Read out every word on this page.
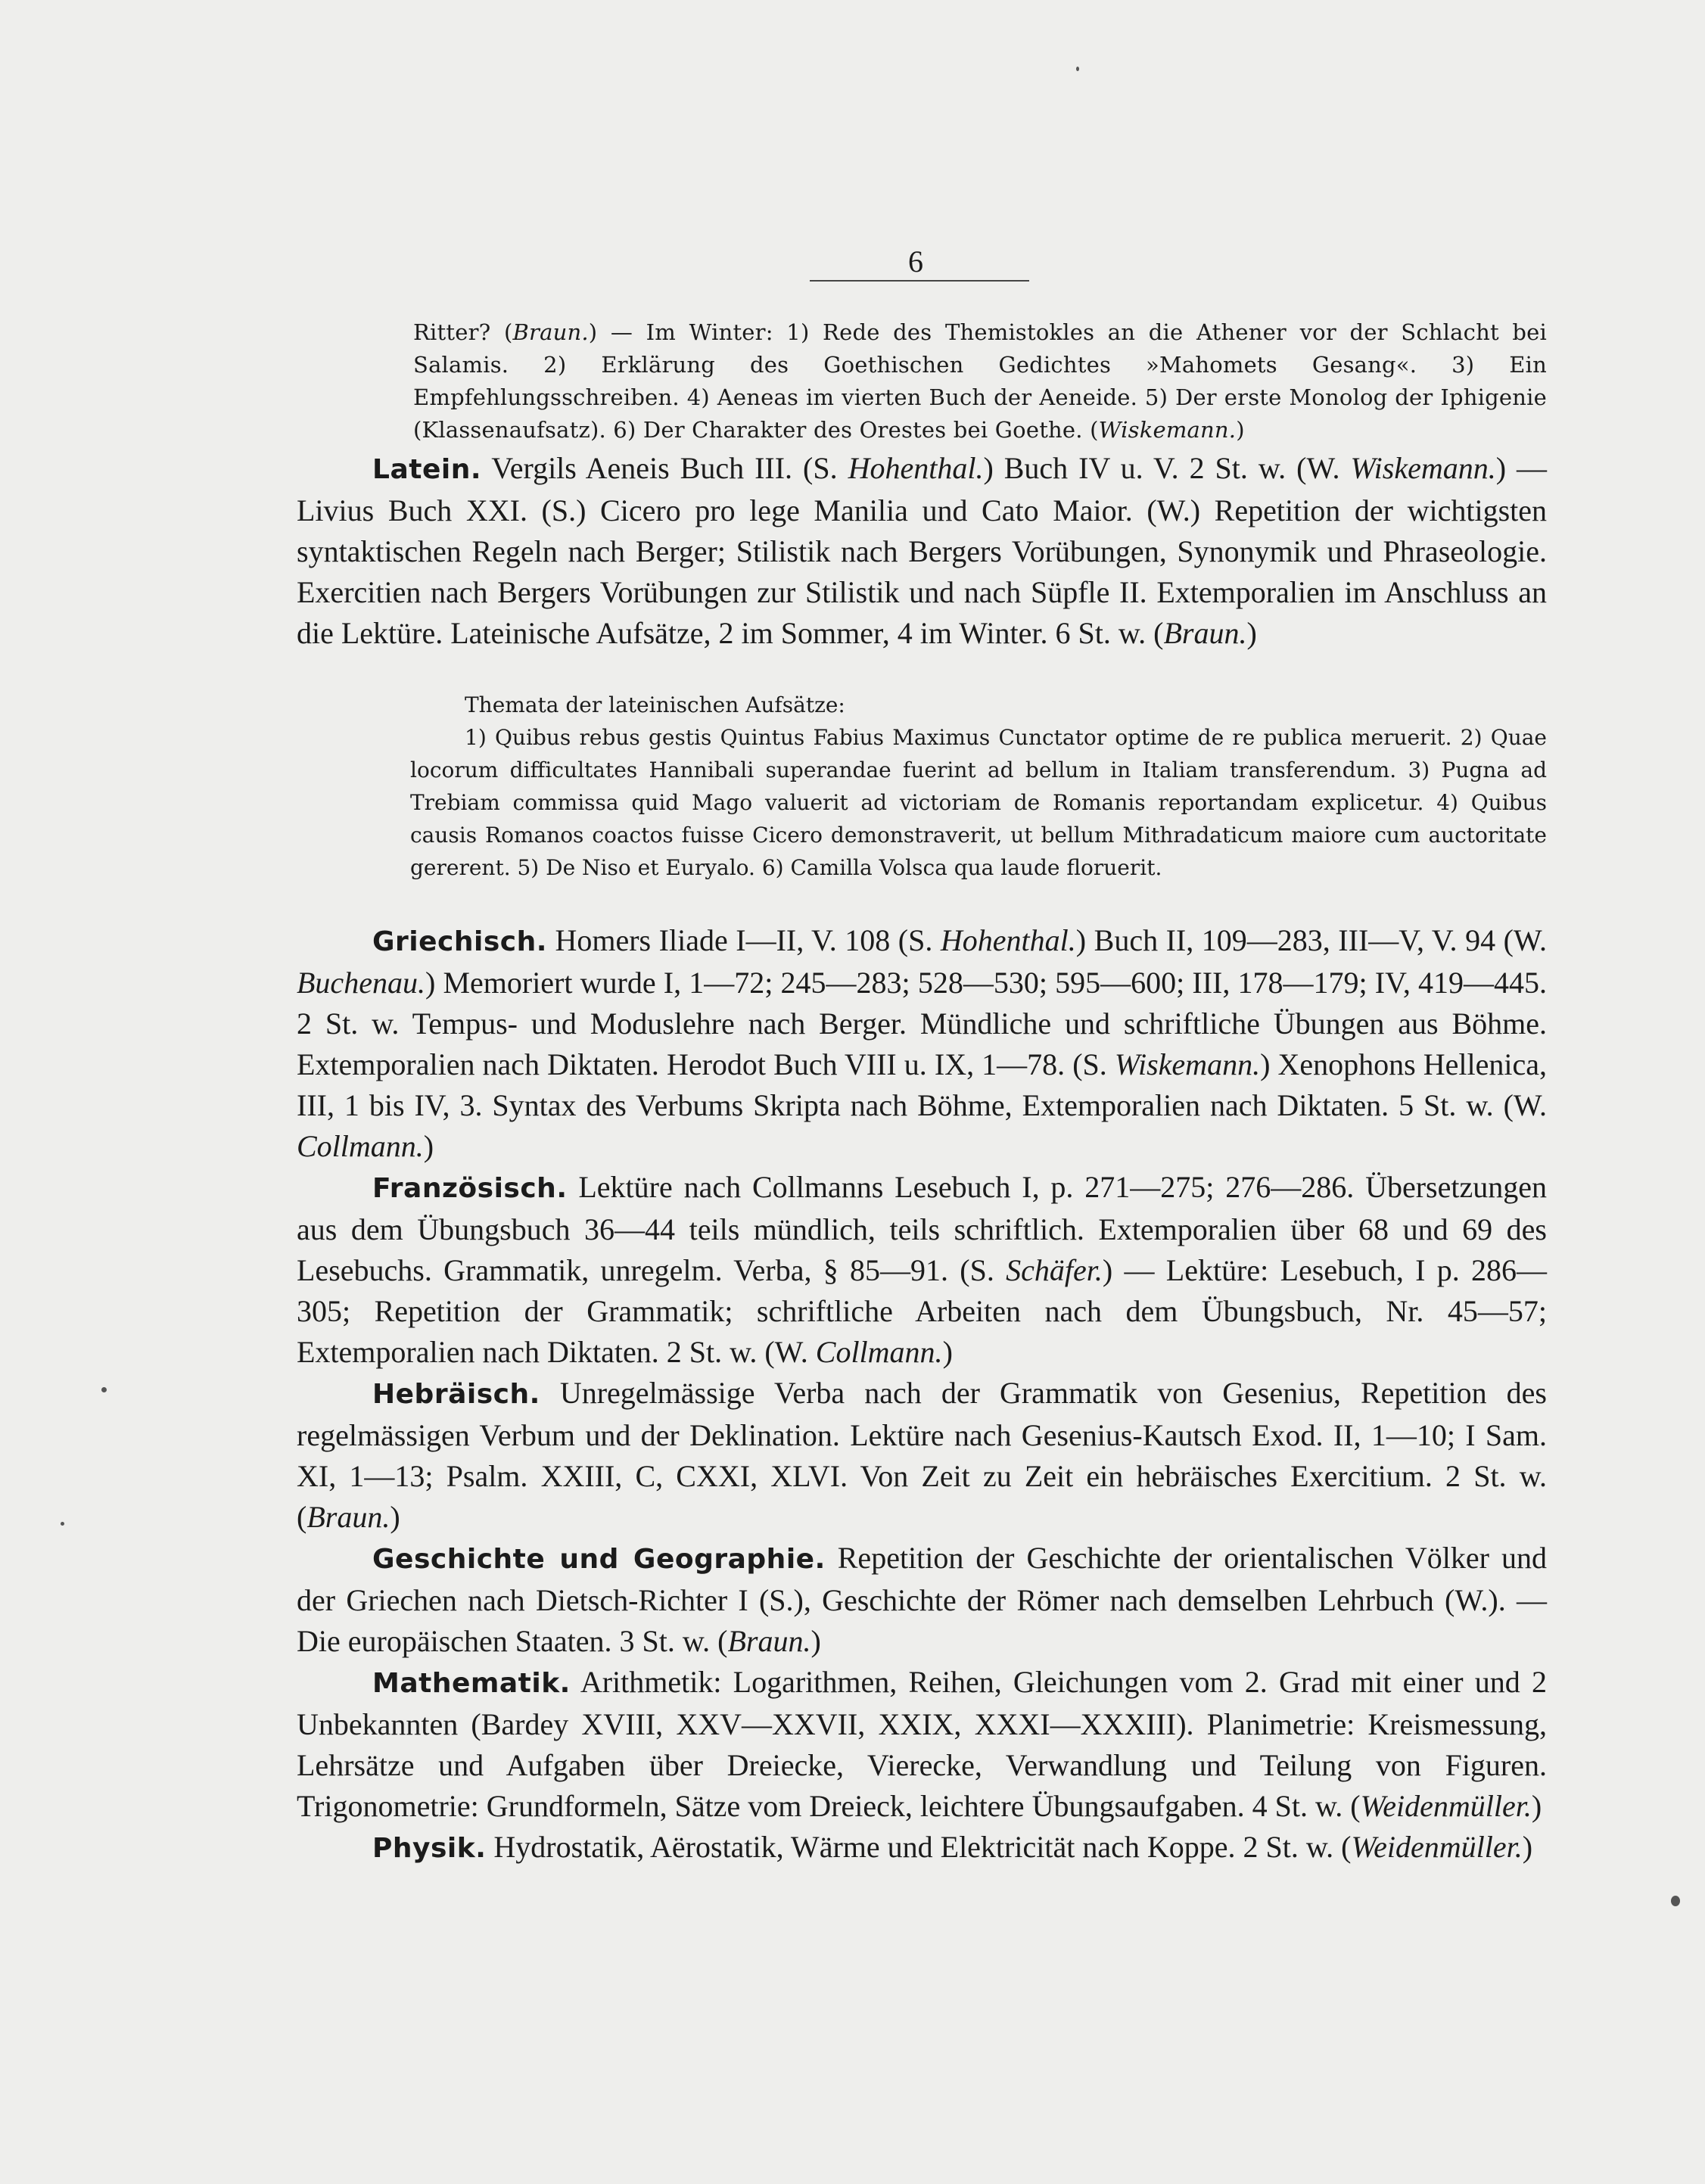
6
Ritter? (Braun.) — Im Winter: 1) Rede des Themistokles an die Athener vor der Schlacht bei Salamis. 2) Erklärung des Goethischen Gedichtes »Mahomets Gesang«. 3) Ein Empfehlungsschreiben. 4) Aeneas im vierten Buch der Aeneide. 5) Der erste Monolog der Iphigenie (Klassenaufsatz). 6) Der Charakter des Orestes bei Goethe. (Wiskemann.)

Latein. Vergils Aeneis Buch III. (S. Hohenthal.) Buch IV u. V. 2 St. w. (W. Wiskemann.) — Livius Buch XXI. (S.) Cicero pro lege Manilia und Cato Maior. (W.) Repetition der wichtigsten syntaktischen Regeln nach Berger; Stilistik nach Bergers Vorübungen, Synonymik und Phraseologie. Exercitien nach Bergers Vorübungen zur Stilistik und nach Süpfle II. Extemporalien im Anschluss an die Lektüre. Lateinische Aufsätze, 2 im Sommer, 4 im Winter. 6 St. w. (Braun.)

Themata der lateinischen Aufsätze:

1) Quibus rebus gestis Quintus Fabius Maximus Cunctator optime de re publica meruerit. 2) Quae locorum difficultates Hannibali superandae fuerint ad bellum in Italiam transferendum. 3) Pugna ad Trebiam commissa quid Mago valuerit ad victoriam de Romanis reportandam explicetur. 4) Quibus causis Romanos coactos fuisse Cicero demonstraverit, ut bellum Mithradaticum maiore cum auctoritate gererent. 5) De Niso et Euryalo. 6) Camilla Volsca qua laude floruerit.

Griechisch. Homers Iliade I—II, V. 108 (S. Hohenthal.) Buch II, 109—283, III—V, V. 94 (W. Buchenau.) Memoriert wurde I, 1—72; 245—283; 528—530; 595—600; III, 178—179; IV, 419—445. 2 St. w. Tempus- und Moduslehre nach Berger. Mündliche und schriftliche Übungen aus Böhme. Extemporalien nach Diktaten. Herodot Buch VIII u. IX, 1—78. (S. Wiskemann.) Xenophons Hellenica, III, 1 bis IV, 3. Syntax des Verbums Skripta nach Böhme, Extemporalien nach Diktaten. 5 St. w. (W. Collmann.)

Französisch. Lektüre nach Collmanns Lesebuch I, p. 271—275; 276—286. Übersetzungen aus dem Übungsbuch 36—44 teils mündlich, teils schriftlich. Extemporalien über 68 und 69 des Lesebuchs. Grammatik, unregelm. Verba, § 85—91. (S. Schäfer.) — Lektüre: Lesebuch, I p. 286—305; Repetition der Grammatik; schriftliche Arbeiten nach dem Übungsbuch, Nr. 45—57; Extemporalien nach Diktaten. 2 St. w. (W. Collmann.)

Hebräisch. Unregelmässige Verba nach der Grammatik von Gesenius, Repetition des regelmässigen Verbum und der Deklination. Lektüre nach Gesenius-Kautsch Exod. II, 1—10; I Sam. XI, 1—13; Psalm. XXIII, C, CXXI, XLVI. Von Zeit zu Zeit ein hebräisches Exercitium. 2 St. w. (Braun.)

Geschichte und Geographie. Repetition der Geschichte der orientalischen Völker und der Griechen nach Dietsch-Richter I (S.), Geschichte der Römer nach demselben Lehrbuch (W.). — Die europäischen Staaten. 3 St. w. (Braun.)

Mathematik. Arithmetik: Logarithmen, Reihen, Gleichungen vom 2. Grad mit einer und 2 Unbekannten (Bardey XVIII, XXV—XXVII, XXIX, XXXI—XXXIII). Planimetrie: Kreismessung, Lehrsätze und Aufgaben über Dreiecke, Vierecke, Verwandlung und Teilung von Figuren. Trigonometrie: Grundformeln, Sätze vom Dreieck, leichtere Übungsaufgaben. 4 St. w. (Weidenmüller.)

Physik. Hydrostatik, Aërostatik, Wärme und Elektricität nach Koppe. 2 St. w. (Weidenmüller.)
